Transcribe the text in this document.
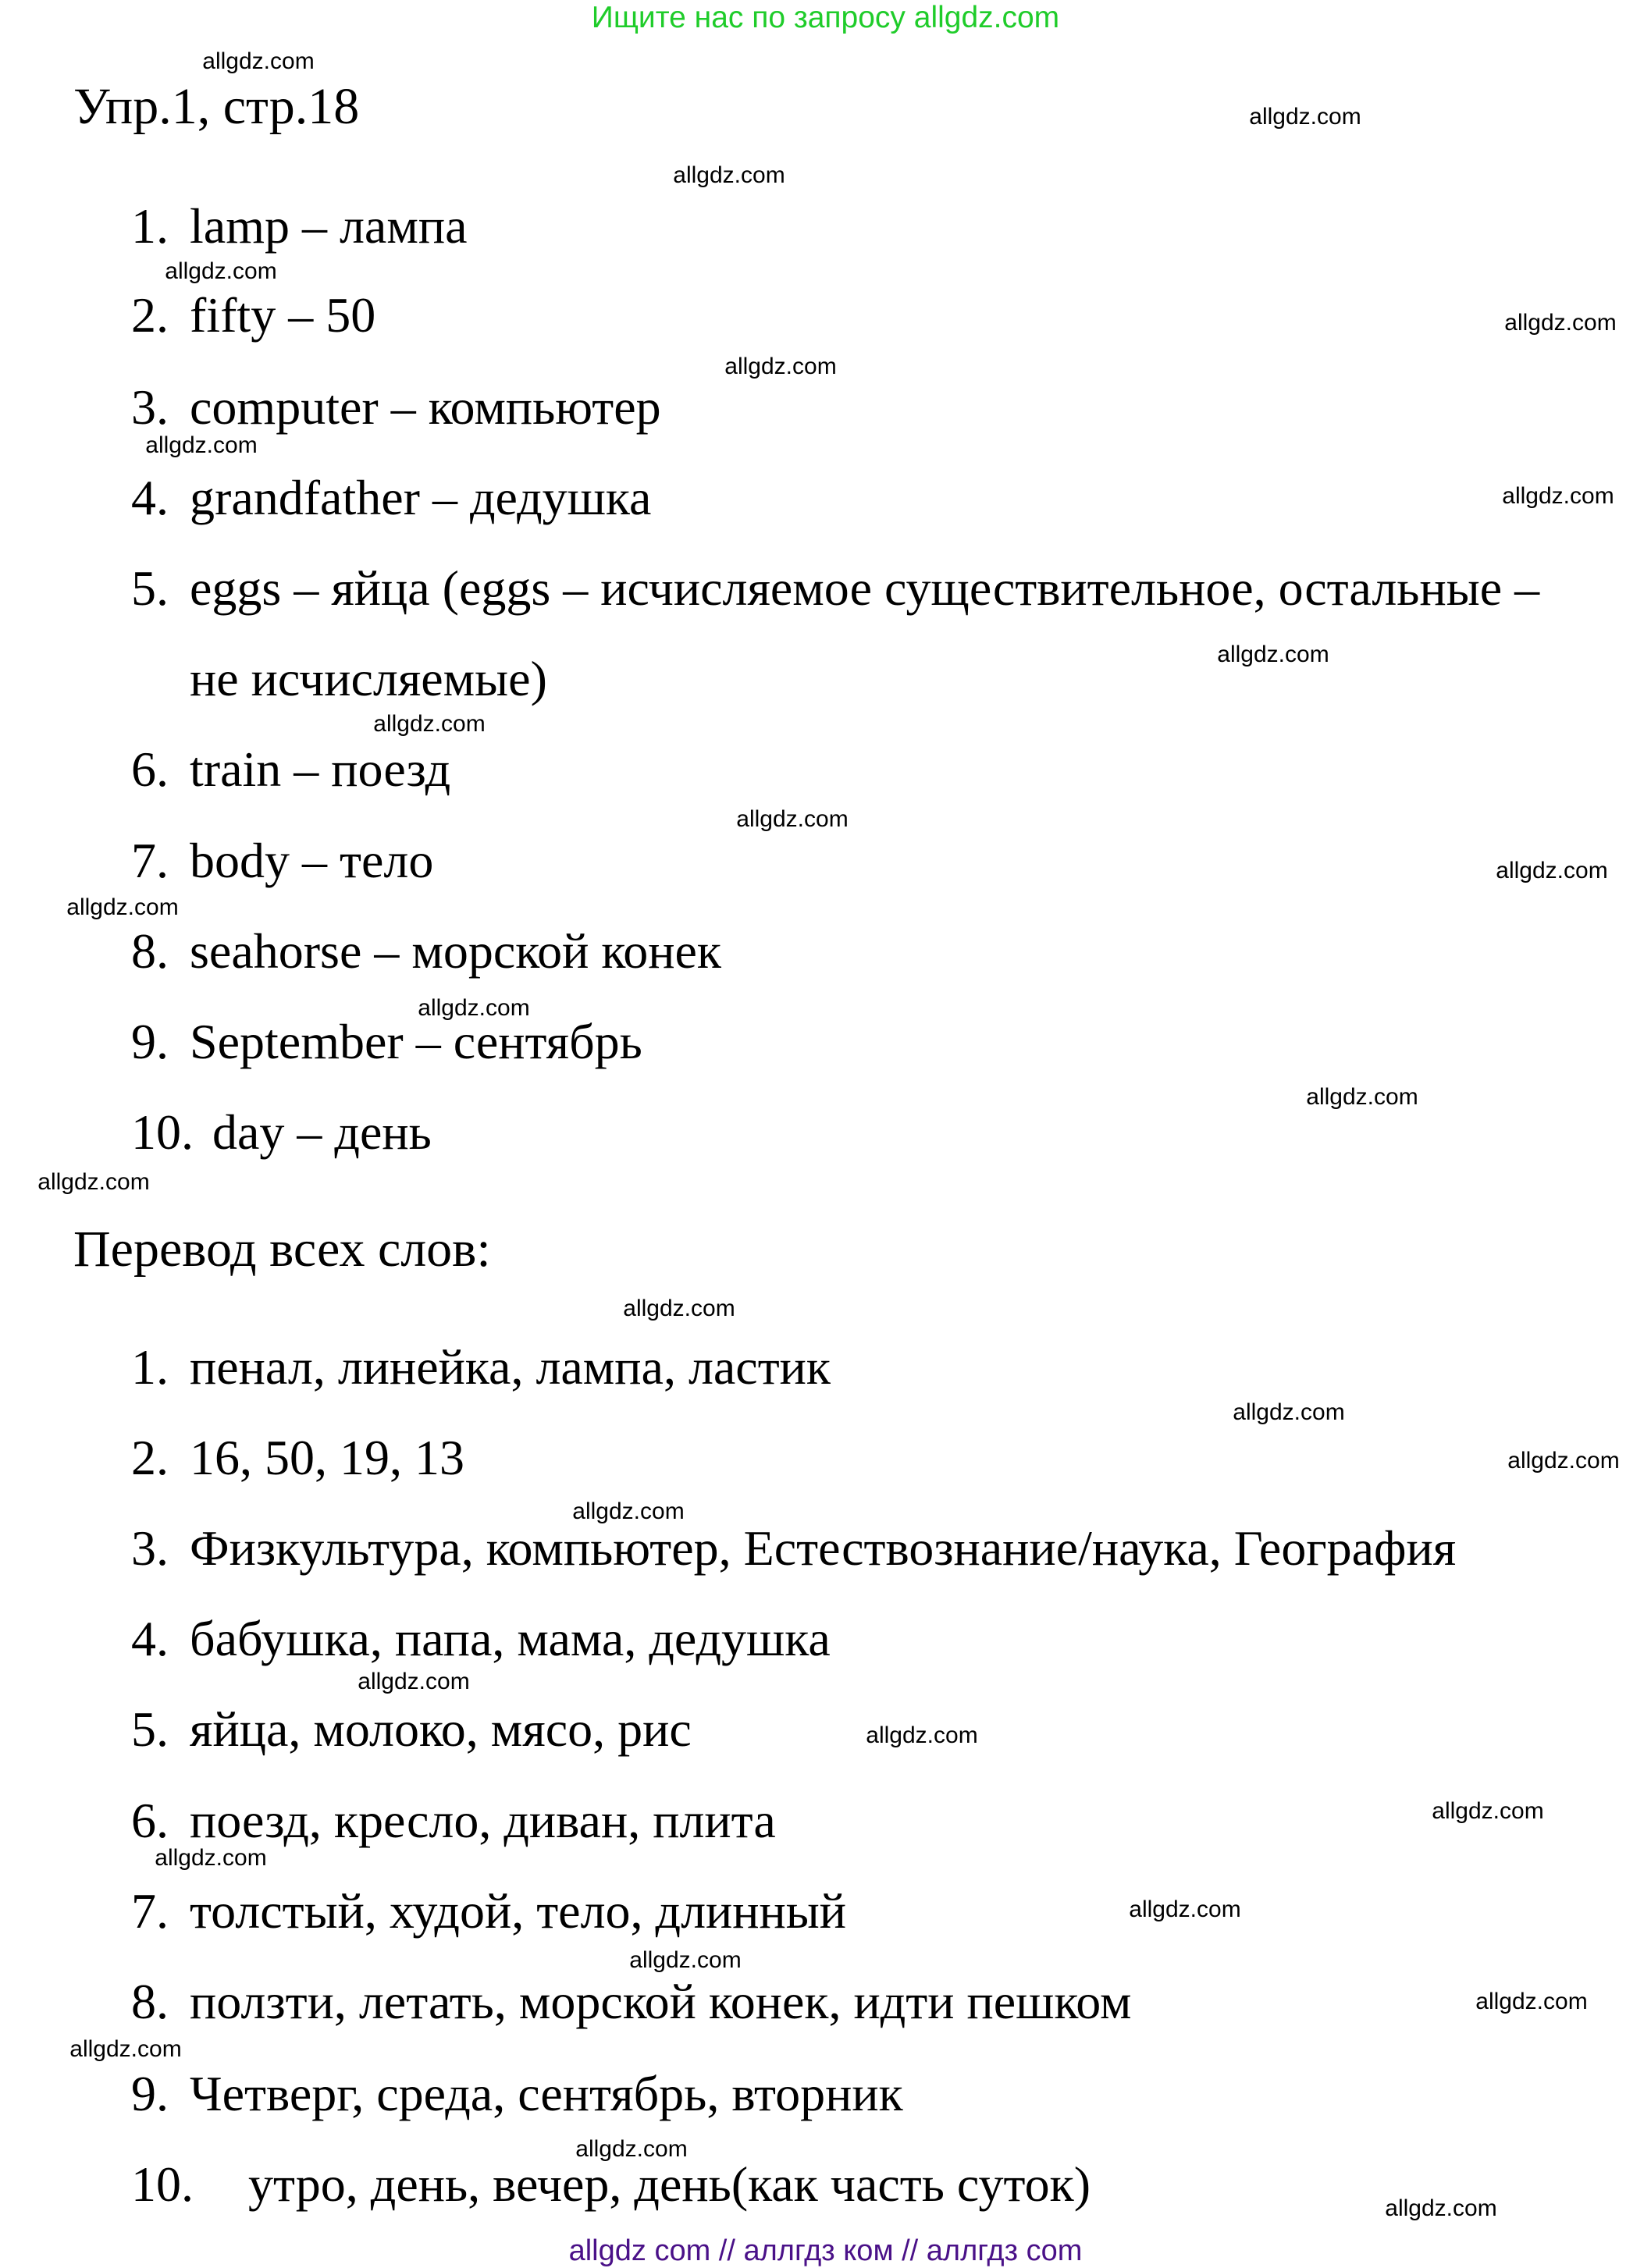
Ищите нас по запросу allgdz.com
Упр.1, стр.18
1. lamp – лампа
2. fifty – 50
3. computer – компьютер
4. grandfather – дедушка
5. eggs – яйца (eggs – исчисляемое существительное, остальные –
не исчисляемые)
6. train – поезд
7. body – тело
8. seahorse – морской конек
9. September – сентябрь
10. day – день
Перевод всех слов:
1. пенал, линейка, лампа, ластик
2. 16, 50, 19, 13
3. Физкультура, компьютер, Естествознание/наука, География
4. бабушка, папа, мама, дедушка
5. яйца, молоко, мясо, рис
6. поезд, кресло, диван, плита
7. толстый, худой, тело, длинный
8. ползти, летать, морской конек, идти пешком
9. Четверг, среда, сентябрь, вторник
10. утро, день, вечер, день(как часть суток)
allgdz.com
allgdz.com
allgdz.com
allgdz.com
allgdz.com
allgdz.com
allgdz.com
allgdz.com
allgdz.com
allgdz.com
allgdz.com
allgdz.com
allgdz.com
allgdz.com
allgdz.com
allgdz.com
allgdz.com
allgdz.com
allgdz.com
allgdz.com
allgdz.com
allgdz.com
allgdz.com
allgdz.com
allgdz.com
allgdz.com
allgdz.com
allgdz.com
allgdz.com
allgdz.com
allgdz com // аллгдз ком // аллгдз com
